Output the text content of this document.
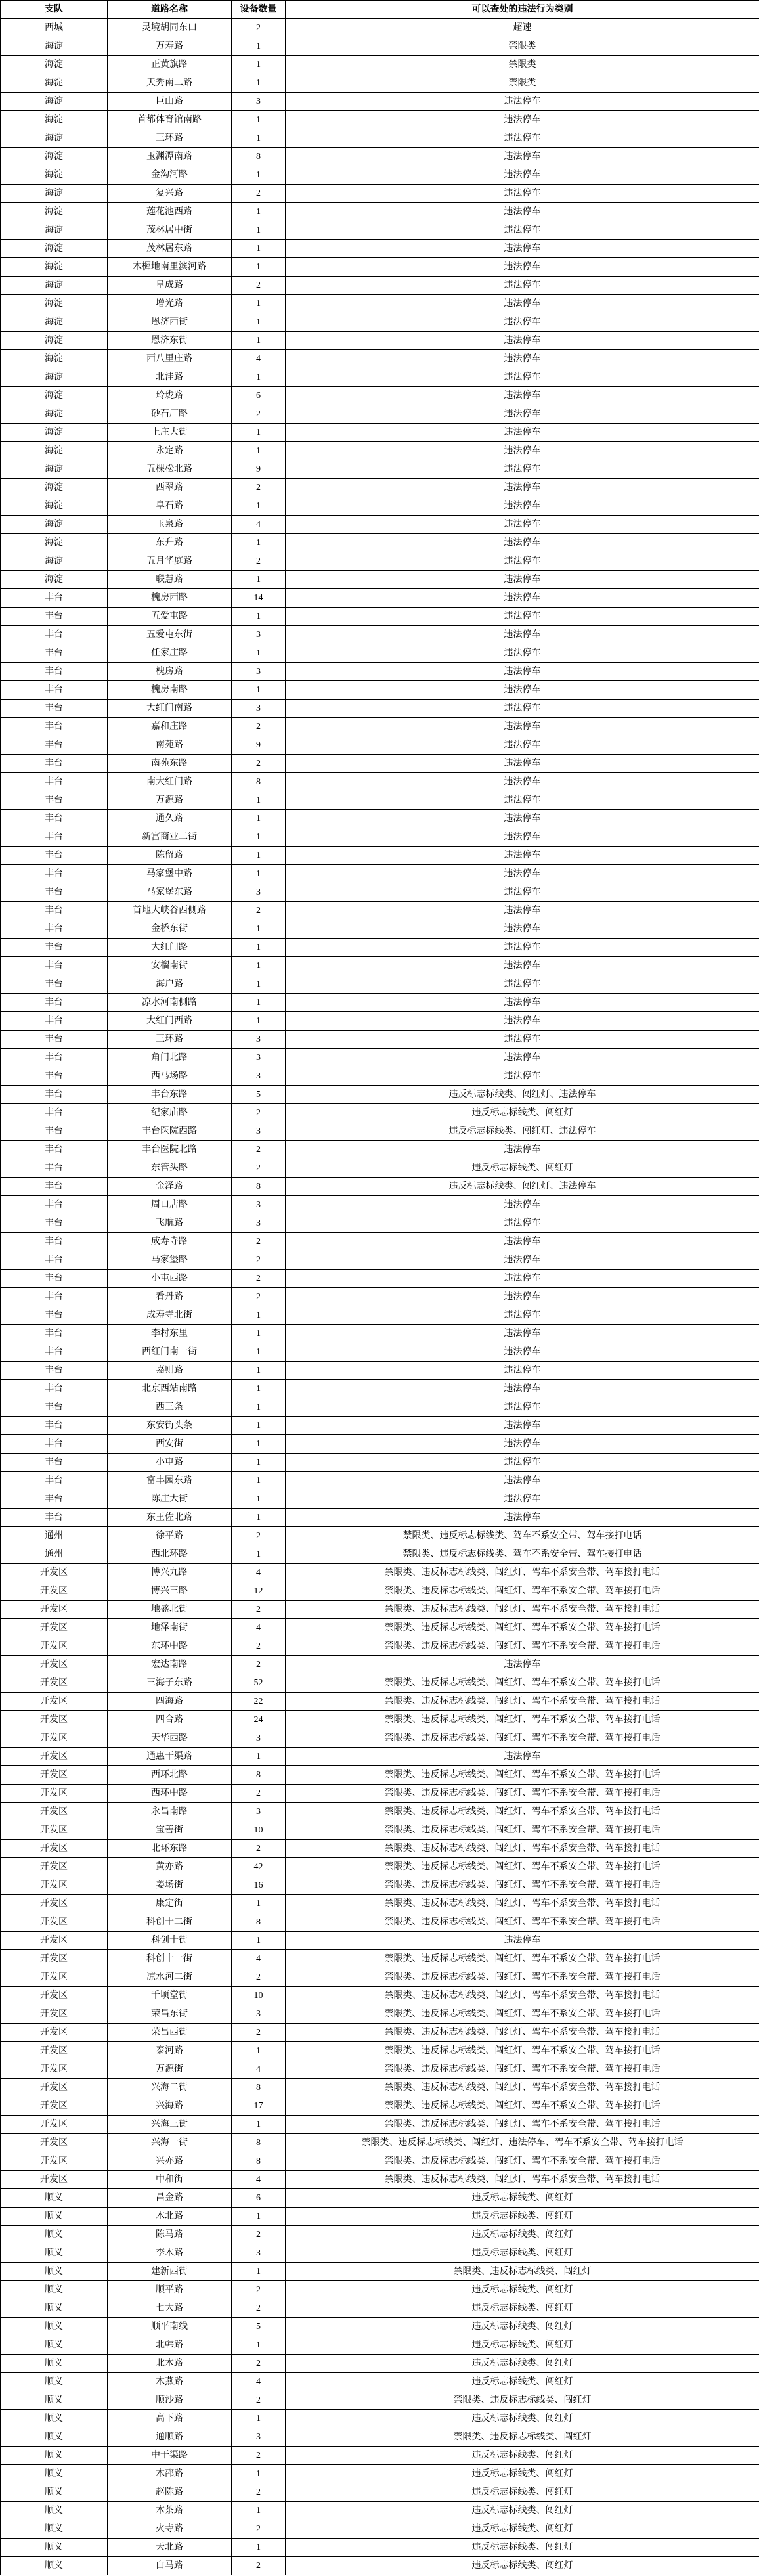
支队	道路名称	设备数量	可以查处的违法行为类别
西城	灵境胡同东口	2	超速
海淀	万寿路	1	禁限类
海淀	正黄旗路	1	禁限类
海淀	天秀南二路	1	禁限类
海淀	巨山路	3	违法停车
海淀	首都体育馆南路	1	违法停车
海淀	三环路	1	违法停车
海淀	玉渊潭南路	8	违法停车
海淀	金沟河路	1	违法停车
海淀	复兴路	2	违法停车
海淀	莲花池西路	1	违法停车
海淀	茂林居中街	1	违法停车
海淀	茂林居东路	1	违法停车
海淀	木樨地南里滨河路	1	违法停车
海淀	阜成路	2	违法停车
海淀	增光路	1	违法停车
海淀	恩济西街	1	违法停车
海淀	恩济东街	1	违法停车
海淀	西八里庄路	4	违法停车
海淀	北洼路	1	违法停车
海淀	玲珑路	6	违法停车
海淀	砂石厂路	2	违法停车
海淀	上庄大街	1	违法停车
海淀	永定路	1	违法停车
海淀	五棵松北路	9	违法停车
海淀	西翠路	2	违法停车
海淀	阜石路	1	违法停车
海淀	玉泉路	4	违法停车
海淀	东升路	1	违法停车
海淀	五月华庭路	2	违法停车
海淀	联慧路	1	违法停车
丰台	槐房西路	14	违法停车
丰台	五爱屯路	1	违法停车
丰台	五爱屯东街	3	违法停车
丰台	任家庄路	1	违法停车
丰台	槐房路	3	违法停车
丰台	槐房南路	1	违法停车
丰台	大红门南路	3	违法停车
丰台	嘉和庄路	2	违法停车
丰台	南苑路	9	违法停车
丰台	南苑东路	2	违法停车
丰台	南大红门路	8	违法停车
丰台	万源路	1	违法停车
丰台	通久路	1	违法停车
丰台	新宫商业二街	1	违法停车
丰台	陈留路	1	违法停车
丰台	马家堡中路	1	违法停车
丰台	马家堡东路	3	违法停车
丰台	首地大峡谷西侧路	2	违法停车
丰台	金桥东街	1	违法停车
丰台	大红门路	1	违法停车
丰台	安榴南街	1	违法停车
丰台	海户路	1	违法停车
丰台	凉水河南侧路	1	违法停车
丰台	大红门西路	1	违法停车
丰台	三环路	3	违法停车
丰台	角门北路	3	违法停车
丰台	西马场路	3	违法停车
丰台	丰台东路	5	违反标志标线类、闯红灯、违法停车
丰台	纪家庙路	2	违反标志标线类、闯红灯
丰台	丰台医院西路	3	违反标志标线类、闯红灯、违法停车
丰台	丰台医院北路	2	违法停车
丰台	东管头路	2	违反标志标线类、闯红灯
丰台	金泽路	8	违反标志标线类、闯红灯、违法停车
丰台	周口店路	3	违法停车
丰台	飞航路	3	违法停车
丰台	成寿寺路	2	违法停车
丰台	马家堡路	2	违法停车
丰台	小屯西路	2	违法停车
丰台	看丹路	2	违法停车
丰台	成寿寺北街	1	违法停车
丰台	李村东里	1	违法停车
丰台	西红门南一街	1	违法停车
丰台	嘉则路	1	违法停车
丰台	北京西站南路	1	违法停车
丰台	西三条	1	违法停车
丰台	东安街头条	1	违法停车
丰台	西安街	1	违法停车
丰台	小屯路	1	违法停车
丰台	富丰园东路	1	违法停车
丰台	陈庄大街	1	违法停车
丰台	东王佐北路	1	违法停车
通州	徐平路	2	禁限类、违反标志标线类、驾车不系安全带、驾车接打电话
通州	西北环路	1	禁限类、违反标志标线类、驾车不系安全带、驾车接打电话
开发区	博兴九路	4	禁限类、违反标志标线类、闯红灯、驾车不系安全带、驾车接打电话
开发区	博兴三路	12	禁限类、违反标志标线类、闯红灯、驾车不系安全带、驾车接打电话
开发区	地盛北街	2	禁限类、违反标志标线类、闯红灯、驾车不系安全带、驾车接打电话
开发区	地泽南街	4	禁限类、违反标志标线类、闯红灯、驾车不系安全带、驾车接打电话
开发区	东环中路	2	禁限类、违反标志标线类、闯红灯、驾车不系安全带、驾车接打电话
开发区	宏达南路	2	违法停车
开发区	三海子东路	52	禁限类、违反标志标线类、闯红灯、驾车不系安全带、驾车接打电话
开发区	四海路	22	禁限类、违反标志标线类、闯红灯、驾车不系安全带、驾车接打电话
开发区	四合路	24	禁限类、违反标志标线类、闯红灯、驾车不系安全带、驾车接打电话
开发区	天华西路	3	禁限类、违反标志标线类、闯红灯、驾车不系安全带、驾车接打电话
开发区	通惠干渠路	1	违法停车
开发区	西环北路	8	禁限类、违反标志标线类、闯红灯、驾车不系安全带、驾车接打电话
开发区	西环中路	2	禁限类、违反标志标线类、闯红灯、驾车不系安全带、驾车接打电话
开发区	永昌南路	3	禁限类、违反标志标线类、闯红灯、驾车不系安全带、驾车接打电话
开发区	宝善街	10	禁限类、违反标志标线类、闯红灯、驾车不系安全带、驾车接打电话
开发区	北环东路	2	禁限类、违反标志标线类、闯红灯、驾车不系安全带、驾车接打电话
开发区	黄亦路	42	禁限类、违反标志标线类、闯红灯、驾车不系安全带、驾车接打电话
开发区	姜场街	16	禁限类、违反标志标线类、闯红灯、驾车不系安全带、驾车接打电话
开发区	康定街	1	禁限类、违反标志标线类、闯红灯、驾车不系安全带、驾车接打电话
开发区	科创十二街	8	禁限类、违反标志标线类、闯红灯、驾车不系安全带、驾车接打电话
开发区	科创十街	1	违法停车
开发区	科创十一街	4	禁限类、违反标志标线类、闯红灯、驾车不系安全带、驾车接打电话
开发区	凉水河二街	2	禁限类、违反标志标线类、闯红灯、驾车不系安全带、驾车接打电话
开发区	千顷堂街	10	禁限类、违反标志标线类、闯红灯、驾车不系安全带、驾车接打电话
开发区	荣昌东街	3	禁限类、违反标志标线类、闯红灯、驾车不系安全带、驾车接打电话
开发区	荣昌西街	2	禁限类、违反标志标线类、闯红灯、驾车不系安全带、驾车接打电话
开发区	泰河路	1	禁限类、违反标志标线类、闯红灯、驾车不系安全带、驾车接打电话
开发区	万源街	4	禁限类、违反标志标线类、闯红灯、驾车不系安全带、驾车接打电话
开发区	兴海二街	8	禁限类、违反标志标线类、闯红灯、驾车不系安全带、驾车接打电话
开发区	兴海路	17	禁限类、违反标志标线类、闯红灯、驾车不系安全带、驾车接打电话
开发区	兴海三街	1	禁限类、违反标志标线类、闯红灯、驾车不系安全带、驾车接打电话
开发区	兴海一街	8	禁限类、违反标志标线类、闯红灯、违法停车、驾车不系安全带、驾车接打电话
开发区	兴亦路	8	禁限类、违反标志标线类、闯红灯、驾车不系安全带、驾车接打电话
开发区	中和街	4	禁限类、违反标志标线类、闯红灯、驾车不系安全带、驾车接打电话
顺义	昌金路	6	违反标志标线类、闯红灯
顺义	木北路	1	违反标志标线类、闯红灯
顺义	陈马路	2	违反标志标线类、闯红灯
顺义	李木路	3	违反标志标线类、闯红灯
顺义	建新西街	1	禁限类、违反标志标线类、闯红灯
顺义	顺平路	2	违反标志标线类、闯红灯
顺义	七大路	2	违反标志标线类、闯红灯
顺义	顺平南线	5	违反标志标线类、闯红灯
顺义	北韩路	1	违反标志标线类、闯红灯
顺义	北木路	2	违反标志标线类、闯红灯
顺义	木燕路	4	违反标志标线类、闯红灯
顺义	顺沙路	2	禁限类、违反标志标线类、闯红灯
顺义	高下路	1	违反标志标线类、闯红灯
顺义	通顺路	3	禁限类、违反标志标线类、闯红灯
顺义	中干渠路	2	违反标志标线类、闯红灯
顺义	木邵路	1	违反标志标线类、闯红灯
顺义	赵陈路	2	违反标志标线类、闯红灯
顺义	木茶路	1	违反标志标线类、闯红灯
顺义	火寺路	2	违反标志标线类、闯红灯
顺义	天北路	1	违反标志标线类、闯红灯
顺义	白马路	2	违反标志标线类、闯红灯
